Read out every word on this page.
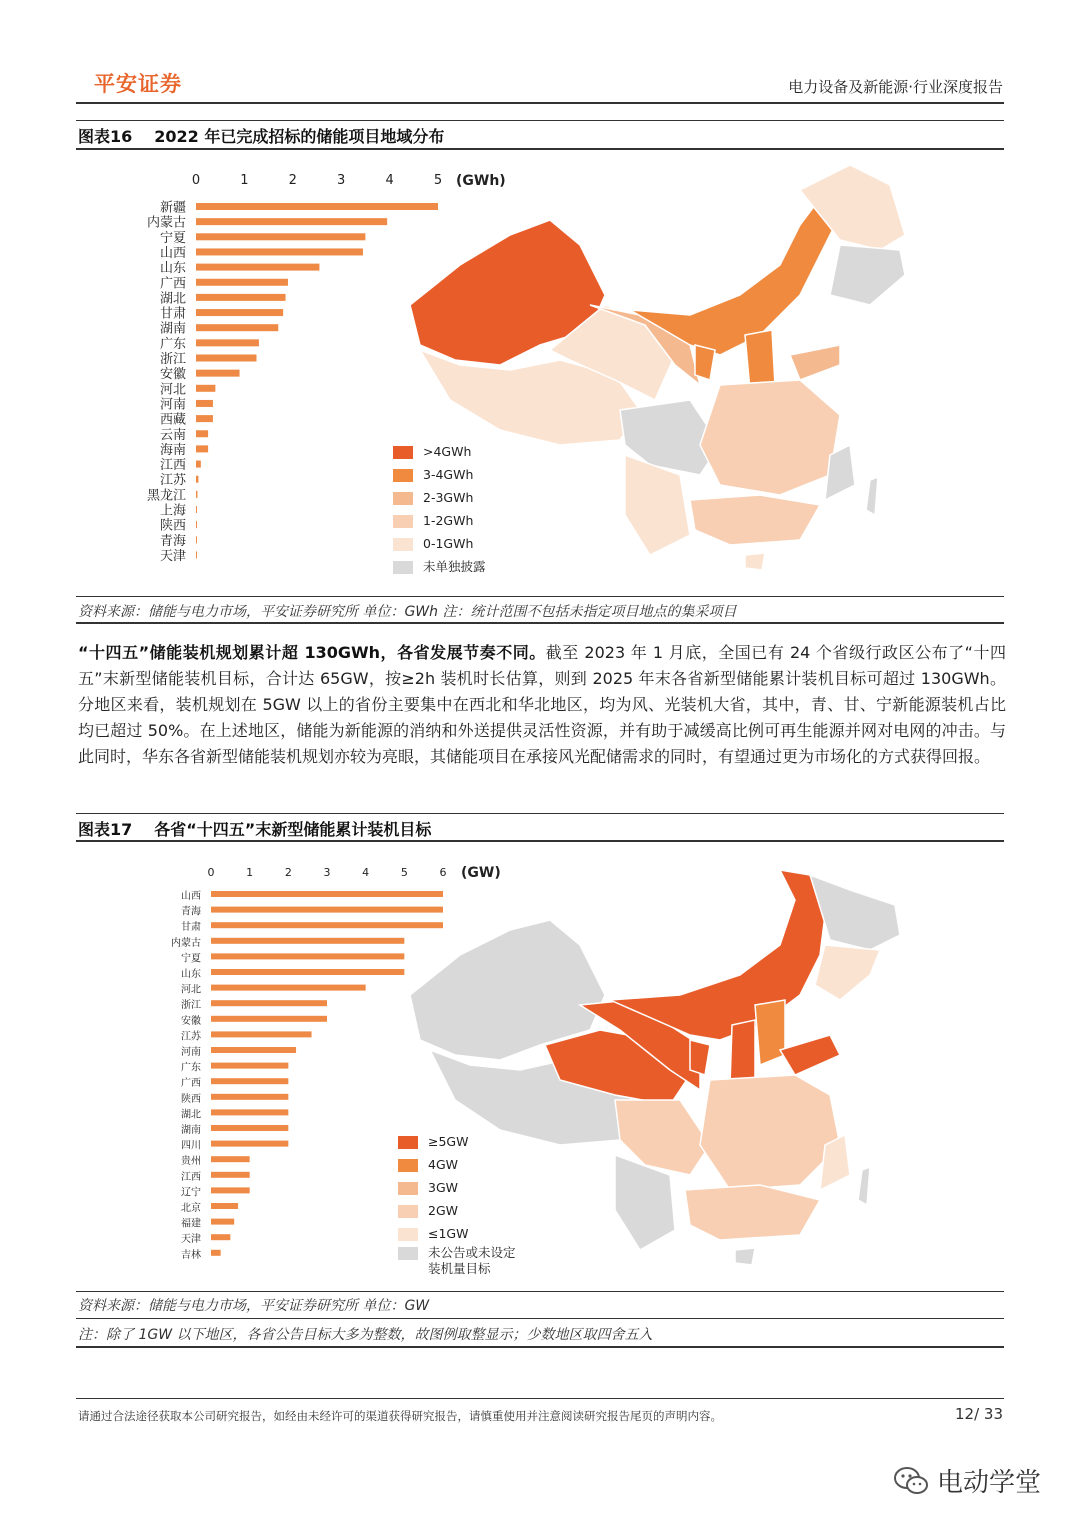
平安证券	电力设备及新能源·行业深度报告
图表16 2022 年已完成招标的储能项目地域分布
0	1	2	3	4	5 (GWh)
新疆
内蒙古
宁夏
山西
山东
广西
湖北
甘肃
湖南
广东
浙江
安徽
河北
河南
西藏
云南
海南
江西
江苏
黑龙江
上海
陕西
青海
天津
>4GWh
3-4GWh
2-3GWh
1-2GWh
0-1GWh
未单独披露
资料来源：储能与电力市场，平安证券研究所 单位：GWh 注：统计范围不包括未指定项目地点的集采项目
“十四五”储能装机规划累计超 130GWh，各省发展节奏不同。截至 2023 年 1 月底，全国已有 24 个省级行政区公布了“十四五”末新型储能装机目标，合计达 65GW，按≥2h 装机时长估算，则到 2025 年末各省新型储能累计装机目标可超过 130GWh。分地区来看，装机规划在 5GW 以上的省份主要集中在西北和华北地区，均为风、光装机大省，其中，青、甘、宁新能源装机占比均已超过 50%。在上述地区，储能为新能源的消纳和外送提供灵活性资源，并有助于减缓高比例可再生能源并网对电网的冲击。与此同时，华东各省新型储能装机规划亦较为亮眼，其储能项目在承接风光配储需求的同时，有望通过更为市场化的方式获得回报。
图表17 各省“十四五”末新型储能累计装机目标
0	1	2	3	4	5	6 (GW)
山西
青海
甘肃
内蒙古
宁夏
山东
河北
浙江
安徽
江苏
河南
广东
广西
陕西
湖北
湖南
四川
贵州
江西
辽宁
北京
福建
天津
吉林
≥5GW
4GW
3GW
2GW
≤1GW
未公告或未设定
装机量目标
资料来源：储能与电力市场，平安证券研究所 单位：GW
注：除了 1GW 以下地区，各省公告目标大多为整数，故图例取整显示；少数地区取四舍五入
请通过合法途径获取本公司研究报告，如经由未经许可的渠道获得研究报告，请慎重使用并注意阅读研究报告尾页的声明内容。	12/ 33
电动学堂
